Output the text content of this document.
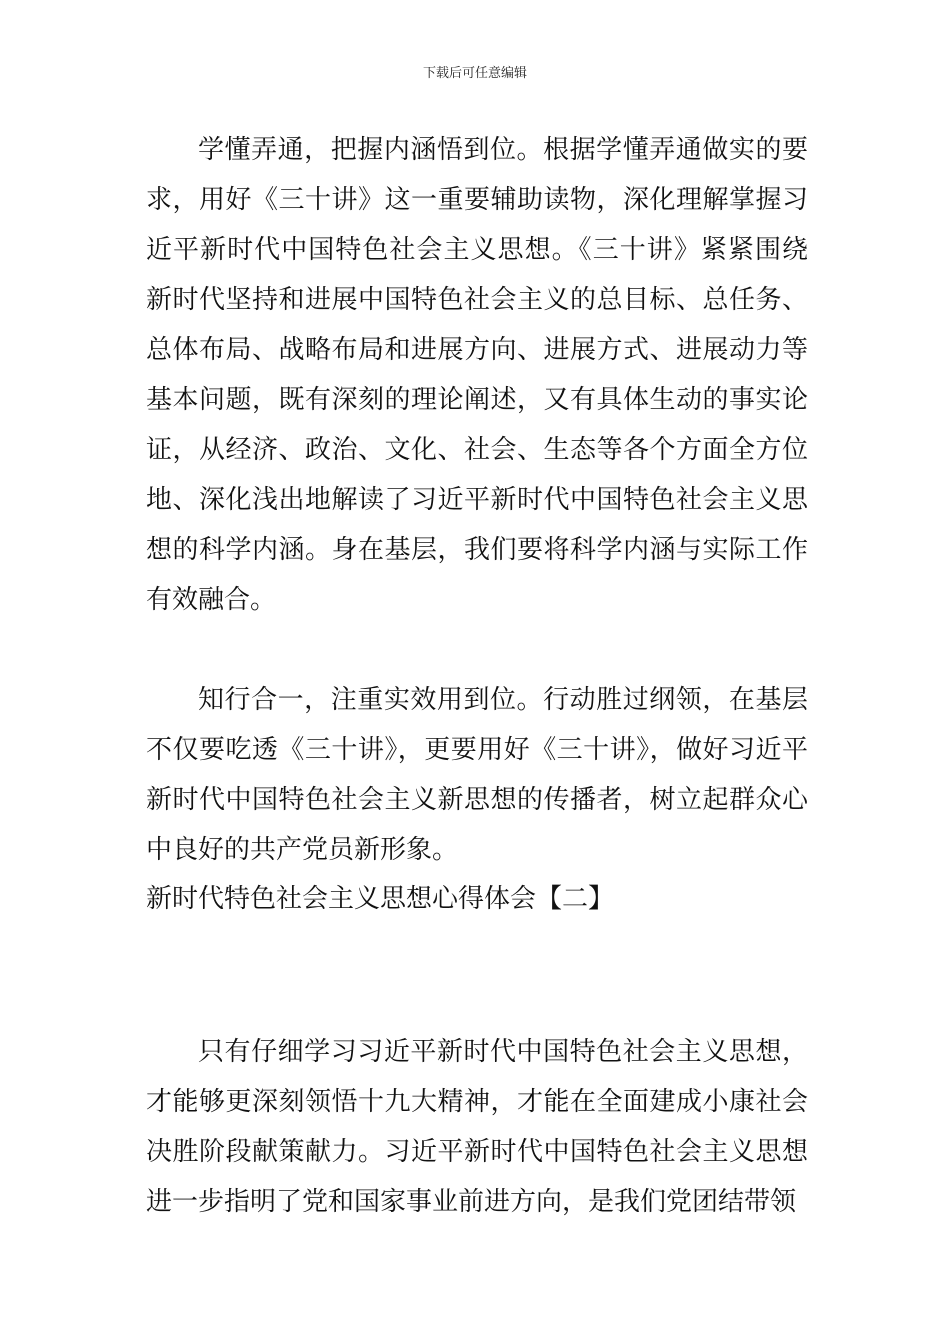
下载后可任意编辑

学懂弄通，把握内涵悟到位。根据学懂弄通做实的要求，用好《三十讲》这一重要辅助读物，深化理解掌握习近平新时代中国特色社会主义思想。《三十讲》紧紧围绕新时代坚持和进展中国特色社会主义的总目标、总任务、总体布局、战略布局和进展方向、进展方式、进展动力等基本问题，既有深刻的理论阐述，又有具体生动的事实论证，从经济、政治、文化、社会、生态等各个方面全方位地、深化浅出地解读了习近平新时代中国特色社会主义思想的科学内涵。身在基层，我们要将科学内涵与实际工作有效融合。

知行合一，注重实效用到位。行动胜过纲领，在基层不仅要吃透《三十讲》，更要用好《三十讲》，做好习近平新时代中国特色社会主义新思想的传播者，树立起群众心中良好的共产党员新形象。

新时代特色社会主义思想心得体会【二】

只有仔细学习习近平新时代中国特色社会主义思想，才能够更深刻领悟十九大精神，才能在全面建成小康社会决胜阶段献策献力。习近平新时代中国特色社会主义思想进一步指明了党和国家事业前进方向，是我们党团结带领
